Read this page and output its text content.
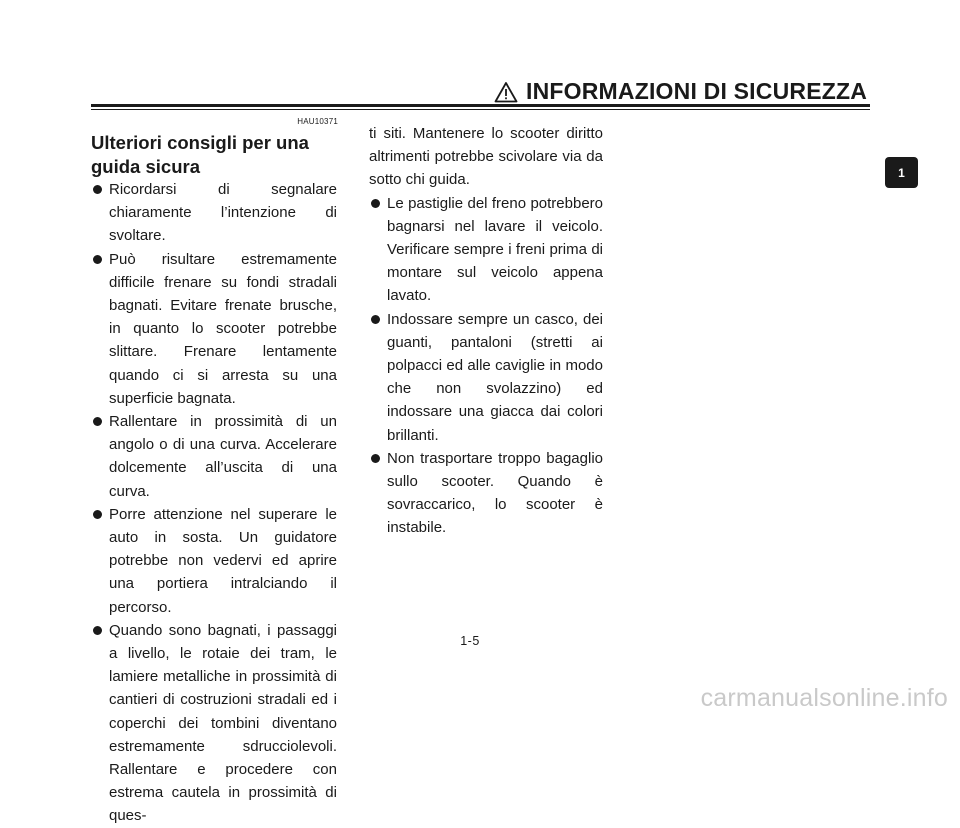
INFORMAZIONI DI SICUREZZA
HAU10371
Ulteriori consigli per una guida sicura
Ricordarsi di segnalare chiaramente l’intenzione di svoltare.
Può risultare estremamente difficile frenare su fondi stradali bagnati. Evitare frenate brusche, in quanto lo scooter potrebbe slittare. Frenare lentamente quando ci si arresta su una superficie bagnata.
Rallentare in prossimità di un angolo o di una curva. Accelerare dolcemente all’uscita di una curva.
Porre attenzione nel superare le auto in sosta. Un guidatore potrebbe non vedervi ed aprire una portiera intralciando il percorso.
Quando sono bagnati, i passaggi a livello, le rotaie dei tram, le lamiere metalliche in prossimità di cantieri di costruzioni stradali ed i coperchi dei tombini diventano estremamente sdrucciolevoli. Rallentare e procedere con estrema cautela in prossimità di ques-

ti siti. Mantenere lo scooter diritto altrimenti potrebbe scivolare via da sotto chi guida.

Le pastiglie del freno potrebbero bagnarsi nel lavare il veicolo. Verificare sempre i freni prima di montare sul veicolo appena lavato.
Indossare sempre un casco, dei guanti, pantaloni (stretti ai polpacci ed alle caviglie in modo che non svolazzino) ed indossare una giacca dai colori brillanti.
Non trasportare troppo bagaglio sullo scooter. Quando è sovraccarico, lo scooter è instabile.
1
1-5
carmanualsonline.info
